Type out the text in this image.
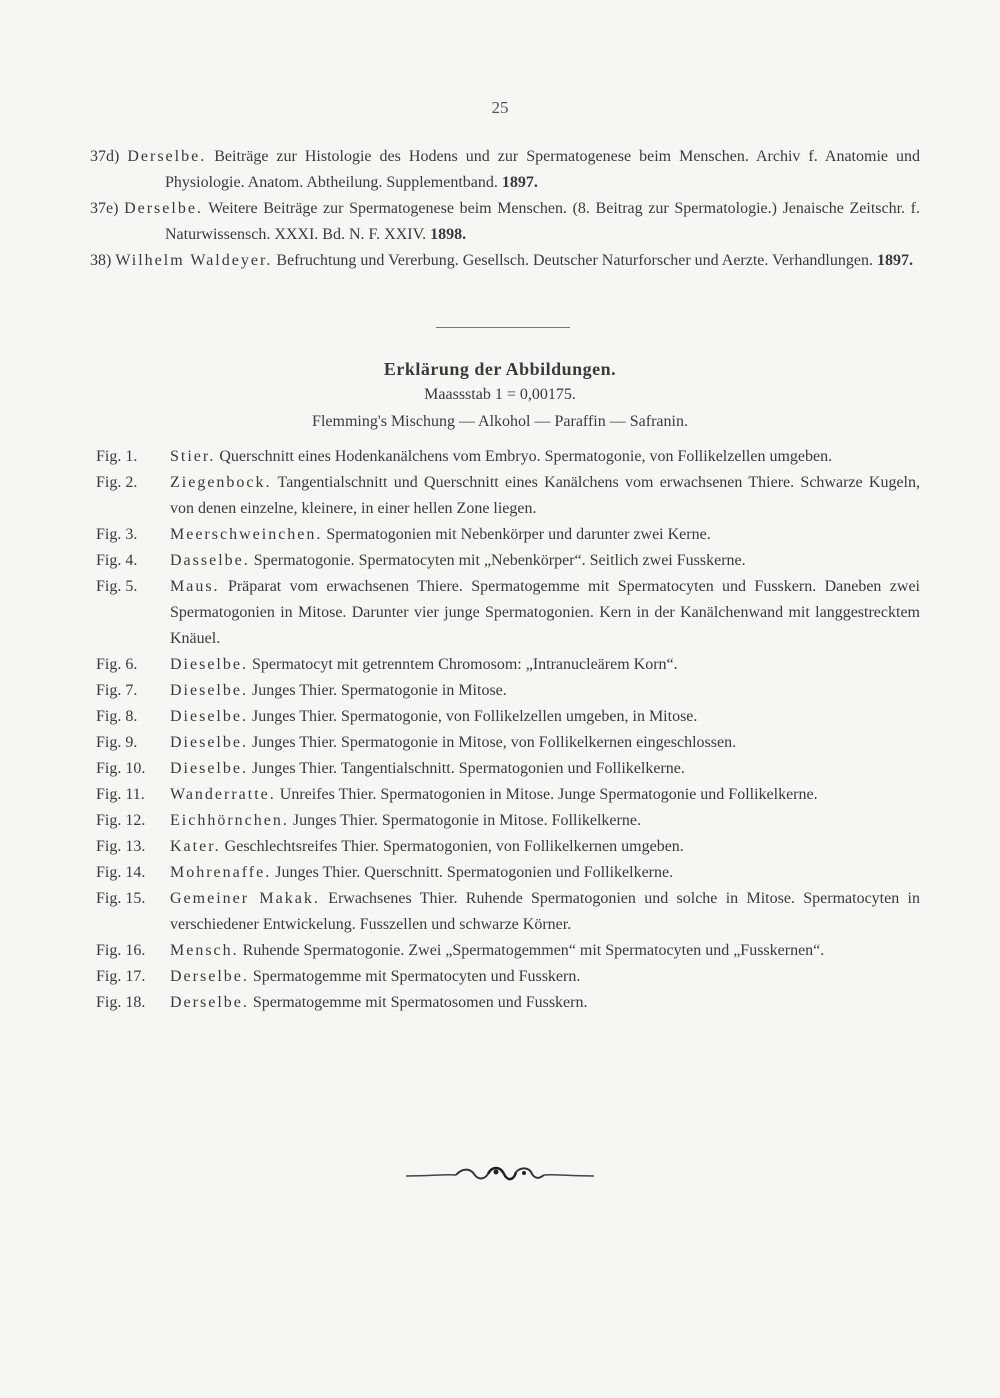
25
37d) Derselbe. Beiträge zur Histologie des Hodens und zur Spermatogenese beim Menschen. Archiv f. Anatomie und Physiologie. Anatom. Abtheilung. Supplementband. 1897.
37e) Derselbe. Weitere Beiträge zur Spermatogenese beim Menschen. (8. Beitrag zur Spermatologie.) Jenaische Zeitschr. f. Naturwissensch. XXXI. Bd. N. F. XXIV. 1898.
38) Wilhelm Waldeyer. Befruchtung und Vererbung. Gesellsch. Deutscher Naturforscher und Aerzte. Verhandlungen. 1897.
Erklärung der Abbildungen.
Maassstab 1 = 0,00175.
Flemming's Mischung — Alkohol — Paraffin — Safranin.
Fig. 1.	Stier. Querschnitt eines Hodenkanälchens vom Embryo. Spermatogonie, von Follikelzellen umgeben.
Fig. 2.	Ziegenbock. Tangentialschnitt und Querschnitt eines Kanälchens vom erwachsenen Thiere. Schwarze Kugeln, von denen einzelne, kleinere, in einer hellen Zone liegen.
Fig. 3.	Meerschweinchen. Spermatogonien mit Nebenkörper und darunter zwei Kerne.
Fig. 4.	Dasselbe. Spermatogonie. Spermatocyten mit „Nebenkörper“. Seitlich zwei Fusskerne.
Fig. 5.	Maus. Präparat vom erwachsenen Thiere. Spermatogemme mit Spermatocyten und Fusskern. Daneben zwei Spermatogonien in Mitose. Darunter vier junge Spermatogonien. Kern in der Kanälchenwand mit langgestrecktem Knäuel.
Fig. 6.	Dieselbe. Spermatocyt mit getrenntem Chromosom: „Intranucleärem Korn“.
Fig. 7.	Dieselbe. Junges Thier. Spermatogonie in Mitose.
Fig. 8.	Dieselbe. Junges Thier. Spermatogonie, von Follikelzellen umgeben, in Mitose.
Fig. 9.	Dieselbe. Junges Thier. Spermatogonie in Mitose, von Follikelkernen eingeschlossen.
Fig. 10.	Dieselbe. Junges Thier. Tangentialschnitt. Spermatogonien und Follikelkerne.
Fig. 11.	Wanderratte. Unreifes Thier. Spermatogonien in Mitose. Junge Spermatogonie und Follikelkerne.
Fig. 12.	Eichhörnchen. Junges Thier. Spermatogonie in Mitose. Follikelkerne.
Fig. 13.	Kater. Geschlechtsreifes Thier. Spermatogonien, von Follikelkernen umgeben.
Fig. 14.	Mohrenaffe. Junges Thier. Querschnitt. Spermatogonien und Follikelkerne.
Fig. 15.	Gemeiner Makak. Erwachsenes Thier. Ruhende Spermatogonien und solche in Mitose. Spermatocyten in verschiedener Entwickelung. Fusszellen und schwarze Körner.
Fig. 16.	Mensch. Ruhende Spermatogonie. Zwei „Spermatogemmen“ mit Spermatocyten und „Fusskernen“.
Fig. 17.	Derselbe. Spermatogemme mit Spermatocyten und Fusskern.
Fig. 18.	Derselbe. Spermatogemme mit Spermatosomen und Fusskern.
